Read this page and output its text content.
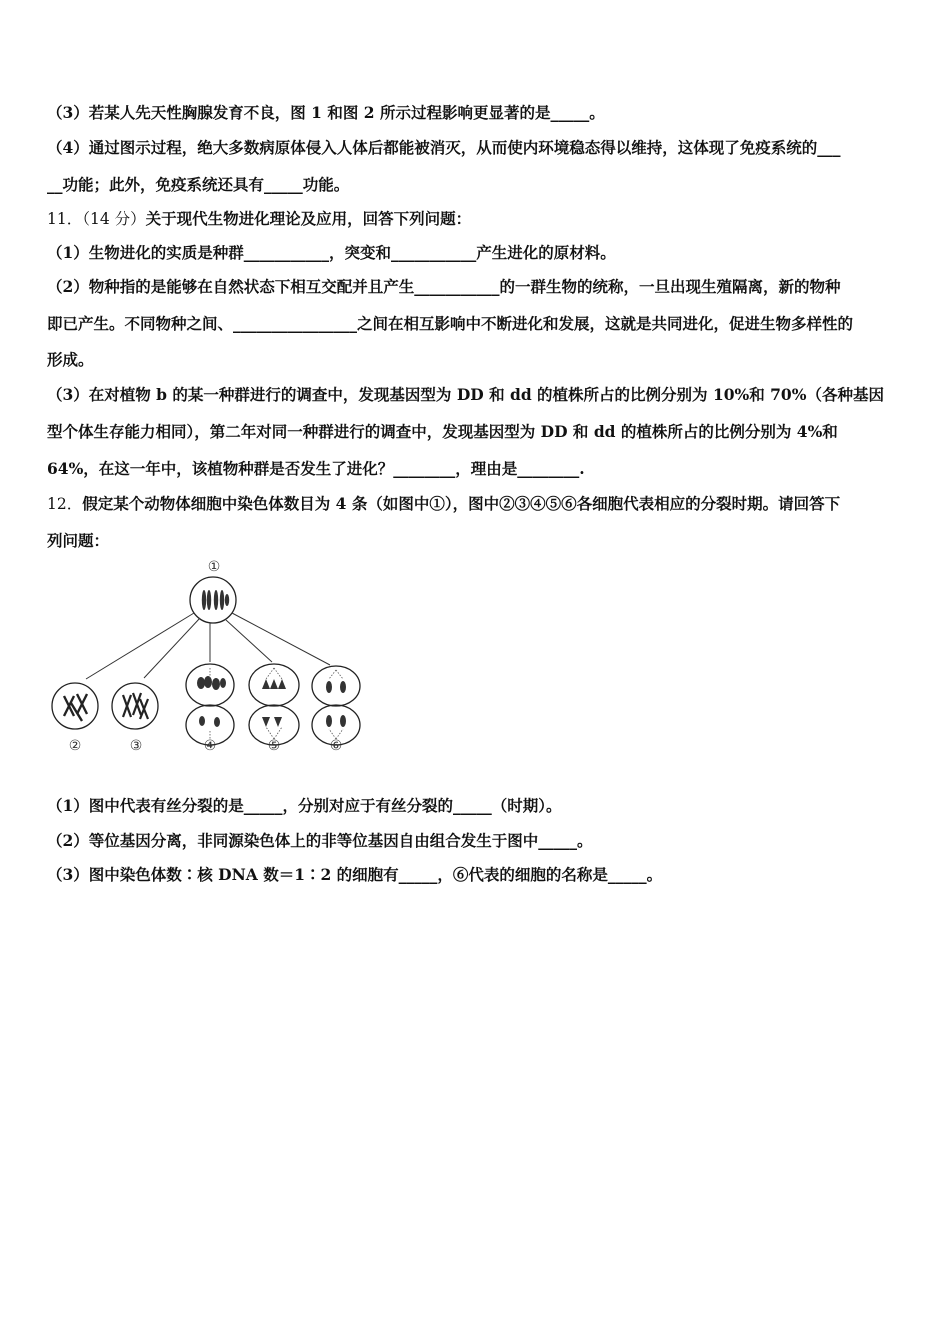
（3）若某人先天性胸腺发育不良，图 1 和图 2 所示过程影响更显著的是_____。
（4）通过图示过程，绝大多数病原体侵入人体后都能被消灭，从而使内环境稳态得以维持，这体现了免疫系统的___
__功能；此外，免疫系统还具有_____功能。
11．（14 分）关于现代生物进化理论及应用，回答下列问题：
（1）生物进化的实质是种群___________，突变和___________产生进化的原材料。
（2）物种指的是能够在自然状态下相互交配并且产生___________的一群生物的统称，一旦出现生殖隔离，新的物种
即已产生。不同物种之间、________________之间在相互影响中不断进化和发展，这就是共同进化，促进生物多样性的
形成。
（3）在对植物 b 的某一种群进行的调查中，发现基因型为 DD 和 dd 的植株所占的比例分别为 10%和 70%（各种基因
型个体生存能力相同），第二年对同一种群进行的调查中，发现基因型为 DD 和 dd 的植株所占的比例分别为 4%和
64%，在这一年中，该植物种群是否发生了进化？________，理由是________.
12．假定某个动物体细胞中染色体数目为 4 条（如图中①），图中②③④⑤⑥各细胞代表相应的分裂时期。请回答下
列问题：
①
②	③	④	⑤	⑥
（1）图中代表有丝分裂的是_____，分别对应于有丝分裂的_____（时期）。
（2）等位基因分离，非同源染色体上的非等位基因自由组合发生于图中_____。
（3）图中染色体数∶核 DNA 数＝1∶2 的细胞有_____，⑥代表的细胞的名称是_____。
